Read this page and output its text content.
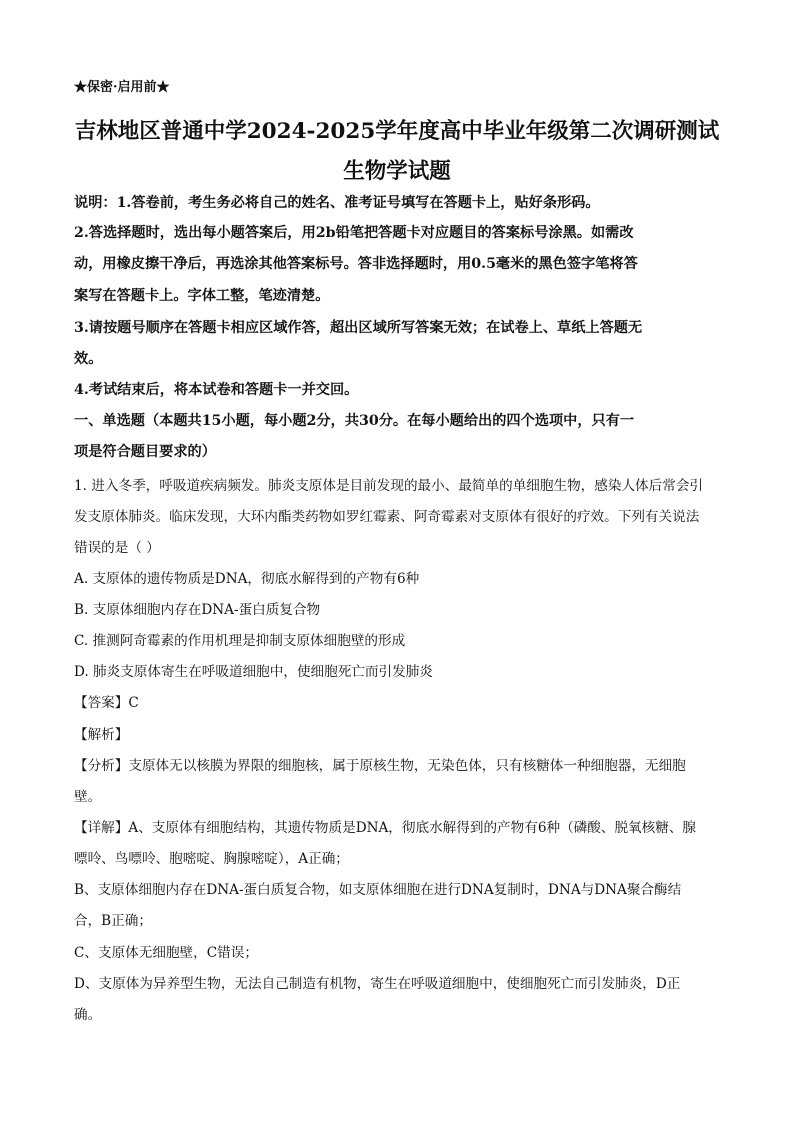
★保密·启用前★
吉林地区普通中学2024-2025学年度高中毕业年级第二次调研测试
生物学试题
说明：1.答卷前，考生务必将自己的姓名、准考证号填写在答题卡上，贴好条形码。
2.答选择题时，选出每小题答案后，用2b铅笔把答题卡对应题目的答案标号涂黑。如需改
动，用橡皮擦干净后，再选涂其他答案标号。答非选择题时，用0.5毫米的黑色签字笔将答
案写在答题卡上。字体工整，笔迹清楚。
3.请按题号顺序在答题卡相应区域作答，超出区域所写答案无效；在试卷上、草纸上答题无
效。
4.考试结束后，将本试卷和答题卡一并交回。
一、单选题（本题共15小题，每小题2分，共30分。在每小题给出的四个选项中，只有一
项是符合题目要求的）
1. 进入冬季，呼吸道疾病频发。肺炎支原体是目前发现的最小、最简单的单细胞生物，感染人体后常会引
发支原体肺炎。临床发现，大环内酯类药物如罗红霉素、阿奇霉素对支原体有很好的疗效。下列有关说法
错误的是（ ）
A. 支原体的遗传物质是DNA，彻底水解得到的产物有6种
B. 支原体细胞内存在DNA-蛋白质复合物
C. 推测阿奇霉素的作用机理是抑制支原体细胞壁的形成
D. 肺炎支原体寄生在呼吸道细胞中，使细胞死亡而引发肺炎
【答案】C
【解析】
【分析】支原体无以核膜为界限的细胞核，属于原核生物，无染色体，只有核糖体一种细胞器，无细胞
壁。
【详解】A、支原体有细胞结构，其遗传物质是DNA，彻底水解得到的产物有6种（磷酸、脱氧核糖、腺
嘌呤、鸟嘌呤、胞嘧啶、胸腺嘧啶），A正确；
B、支原体细胞内存在DNA-蛋白质复合物，如支原体细胞在进行DNA复制时，DNA与DNA聚合酶结
合，B正确；
C、支原体无细胞壁，C错误；
D、支原体为异养型生物，无法自己制造有机物，寄生在呼吸道细胞中，使细胞死亡而引发肺炎，D正
确。
